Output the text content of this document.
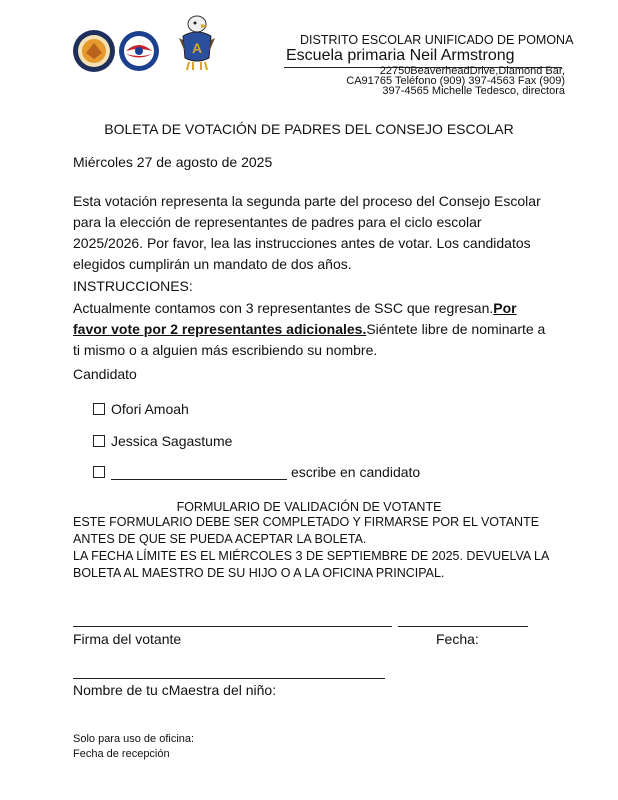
A	DISTRITO ESCOLAR UNIFICADO DE POMONA
Escuela primaria Neil Armstrong
22750BeaverheadDrive,Diamond Bar,
CA91765 Teléfono (909) 397-4563 Fax (909)
397-4565 Michelle Tedesco, directora
BOLETA DE VOTACIÓN DE PADRES DEL CONSEJO ESCOLAR
Miércoles 27 de agosto de 2025
Esta votación representa la segunda parte del proceso del Consejo Escolar para la elección de representantes de padres para el ciclo escolar 2025/2026. Por favor, lea las instrucciones antes de votar. Los candidatos elegidos cumplirán un mandato de dos años.
INSTRUCCIONES:
Actualmente contamos con 3 representantes de SSC que regresan.Por favor vote por 2 representantes adicionales.Siéntete libre de nominarte a ti mismo o a alguien más escribiendo su nombre.
Candidato
Ofori Amoah
Jessica Sagastume
escribe en candidato
FORMULARIO DE VALIDACIÓN DE VOTANTE
ESTE FORMULARIO DEBE SER COMPLETADO Y FIRMARSE POR EL VOTANTE
ANTES DE QUE SE PUEDA ACEPTAR LA BOLETA.
LA FECHA LÍMITE ES EL MIÉRCOLES 3 DE SEPTIEMBRE DE 2025. DEVUELVA LA
BOLETA AL MAESTRO DE SU HIJO O A LA OFICINA PRINCIPAL.
Firma del votante	Fecha:
Nombre de tu cMaestra del niño:
Solo para uso de oficina:
Fecha de recepción
